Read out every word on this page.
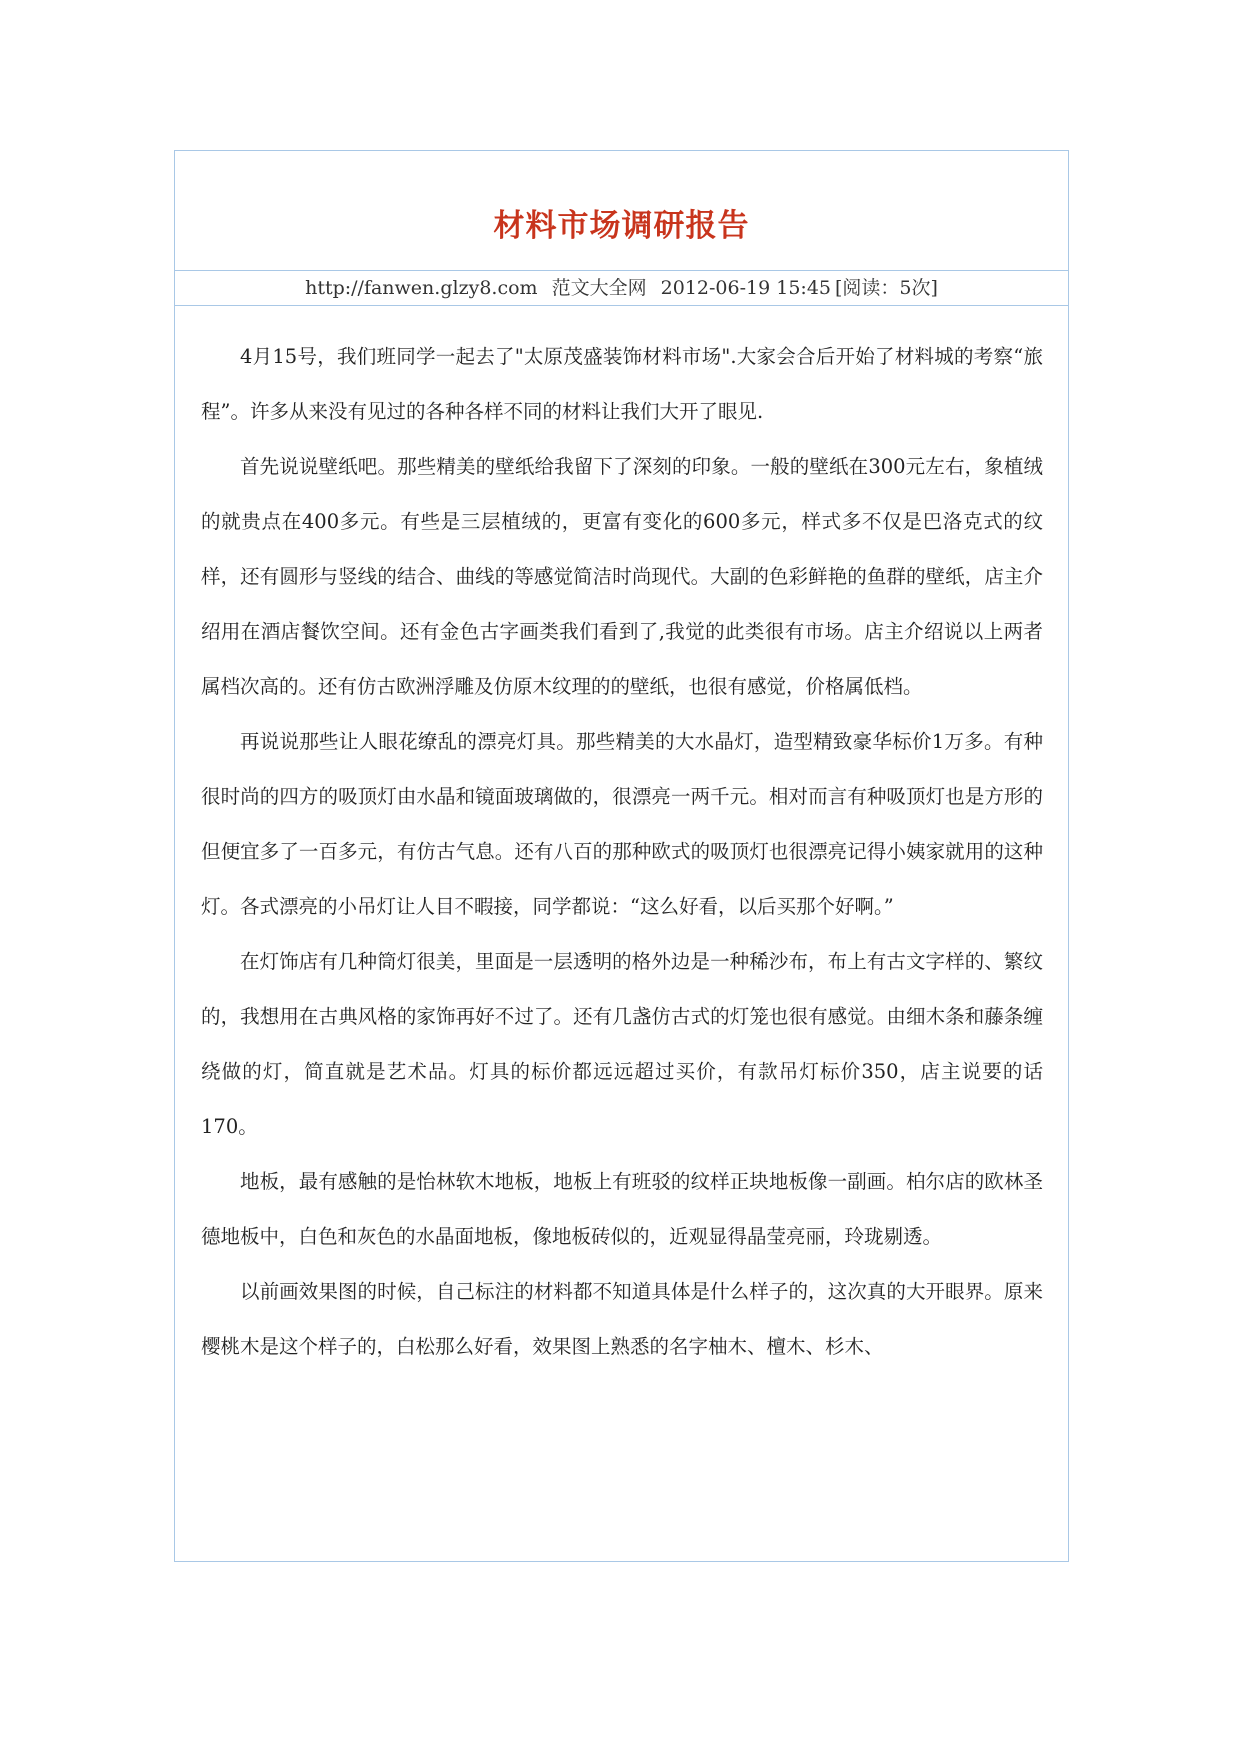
材料市场调研报告
http://fanwen.glzy8.com 范文大全网 2012-06-19 15:45 [阅读：5次]

4月15号，我们班同学一起去了"太原茂盛装饰材料市场".大家会合后开始了材料城的考察“旅程”。许多从来没有见过的各种各样不同的材料让我们大开了眼见.

首先说说壁纸吧。那些精美的壁纸给我留下了深刻的印象。一般的壁纸在300元左右，象植绒的就贵点在400多元。有些是三层植绒的，更富有变化的600多元，样式多不仅是巴洛克式的纹样，还有圆形与竖线的结合、曲线的等感觉简洁时尚现代。大副的色彩鲜艳的鱼群的壁纸，店主介绍用在酒店餐饮空间。还有金色古字画类我们看到了,我觉的此类很有市场。店主介绍说以上两者属档次高的。还有仿古欧洲浮雕及仿原木纹理的的壁纸，也很有感觉，价格属低档。

再说说那些让人眼花缭乱的漂亮灯具。那些精美的大水晶灯，造型精致豪华标价1万多。有种很时尚的四方的吸顶灯由水晶和镜面玻璃做的，很漂亮一两千元。相对而言有种吸顶灯也是方形的但便宜多了一百多元，有仿古气息。还有八百的那种欧式的吸顶灯也很漂亮记得小姨家就用的这种灯。各式漂亮的小吊灯让人目不暇接，同学都说：“这么好看，以后买那个好啊。”

在灯饰店有几种筒灯很美，里面是一层透明的格外边是一种稀沙布，布上有古文字样的、繁纹的，我想用在古典风格的家饰再好不过了。还有几盏仿古式的灯笼也很有感觉。由细木条和藤条缠绕做的灯，简直就是艺术品。灯具的标价都远远超过买价，有款吊灯标价350，店主说要的话170。

地板，最有感触的是怡林软木地板，地板上有班驳的纹样正块地板像一副画。柏尔店的欧林圣德地板中，白色和灰色的水晶面地板，像地板砖似的，近观显得晶莹亮丽，玲珑剔透。

以前画效果图的时候，自己标注的材料都不知道具体是什么样子的，这次真的大开眼界。原来樱桃木是这个样子的，白松那么好看，效果图上熟悉的名字柚木、檀木、杉木、
